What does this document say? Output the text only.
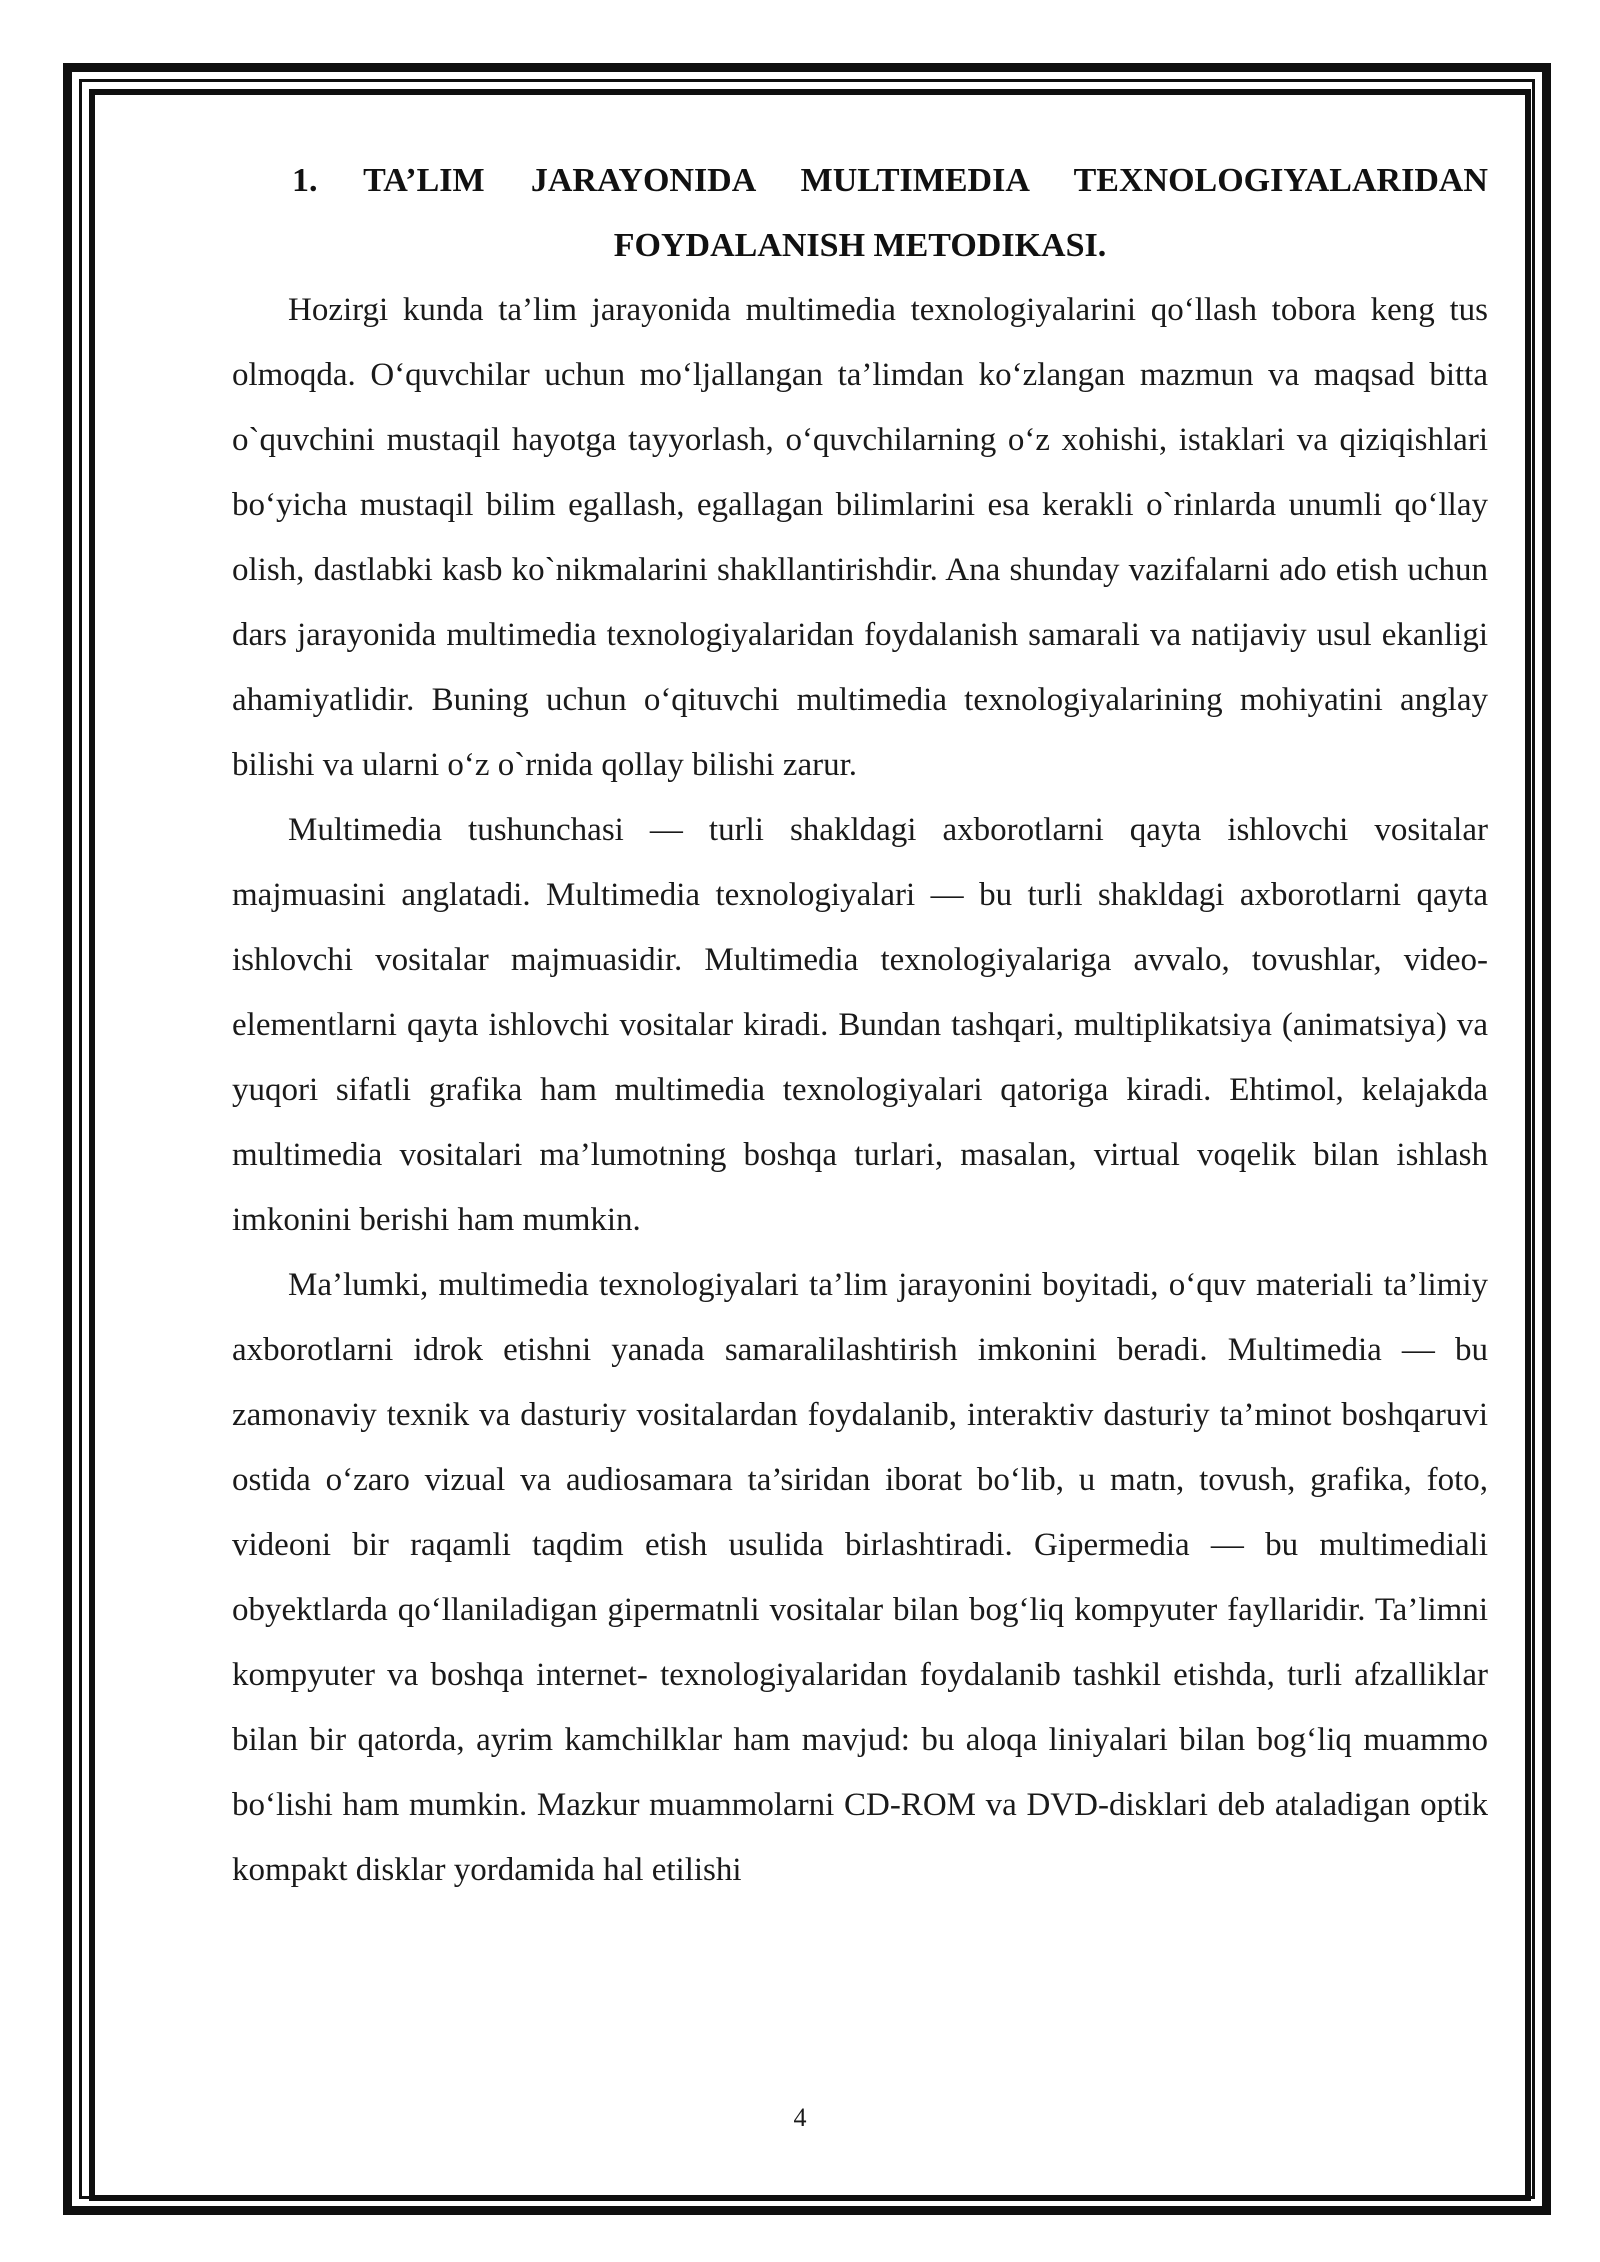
1. TA’LIM JARAYONIDA MULTIMEDIA TEXNOLOGIYALARIDAN
FOYDALANISH METODIKASI.

Hozirgi kunda ta’lim jarayonida multimedia texnologiyalarini qo‘llash tobora keng tus olmoqda. O‘quvchilar uchun mo‘ljallangan ta’limdan ko‘zlangan mazmun va maqsad bitta o`quvchini mustaqil hayotga tayyorlash, o‘quvchilarning o‘z xohishi, istaklari va qiziqishlari bo‘yicha mustaqil bilim egallash, egallagan bilimlarini esa kerakli o`rinlarda unumli qo‘llay olish, dastlabki kasb ko`nikmalarini shakllantirishdir. Ana shunday vazifalarni ado etish uchun dars jarayonida multimedia texnologiyalaridan foydalanish samarali va natijaviy usul ekanligi ahamiyatlidir. Buning uchun o‘qituvchi multimedia texnologiyalarining mohiyatini anglay bilishi va ularni o‘z o`rnida qollay bilishi zarur.

Multimedia tushunchasi — turli shakldagi axborotlarni qayta ishlovchi vositalar majmuasini anglatadi. Multimedia texnologiyalari — bu turli shakldagi axborotlarni qayta ishlovchi vositalar majmuasidir. Multimedia texnologiyalariga avvalo, tovushlar, video-elementlarni qayta ishlovchi vositalar kiradi. Bundan tashqari, multiplikatsiya (animatsiya) va yuqori sifatli grafika ham multimedia texnologiyalari qatoriga kiradi. Ehtimol, kelajakda multimedia vositalari ma’lumotning boshqa turlari, masalan, virtual voqelik bilan ishlash imkonini berishi ham mumkin.

Ma’lumki, multimedia texnologiyalari ta’lim jarayonini boyitadi, o‘quv materiali ta’limiy axborotlarni idrok etishni yanada samaralilashtirish imkonini beradi. Multimedia — bu zamonaviy texnik va dasturiy vositalardan foydalanib, interaktiv dasturiy ta’minot boshqaruvi ostida o‘zaro vizual va audiosamara ta’siridan iborat bo‘lib, u matn, tovush, grafika, foto, videoni bir raqamli taqdim etish usulida birlashtiradi. Gipermedia — bu multimediali obyektlarda qo‘llaniladigan gipermatnli vositalar bilan bog‘liq kompyuter fayllaridir. Ta’limni kompyuter va boshqa internet- texnologiyalaridan foydalanib tashkil etishda, turli afzalliklar bilan bir qatorda, ayrim kamchilklar ham mavjud: bu aloqa liniyalari bilan bog‘liq muammo bo‘lishi ham mumkin. Mazkur muammolarni CD-ROM va DVD-disklari deb ataladigan optik kompakt disklar yordamida hal etilishi

4
